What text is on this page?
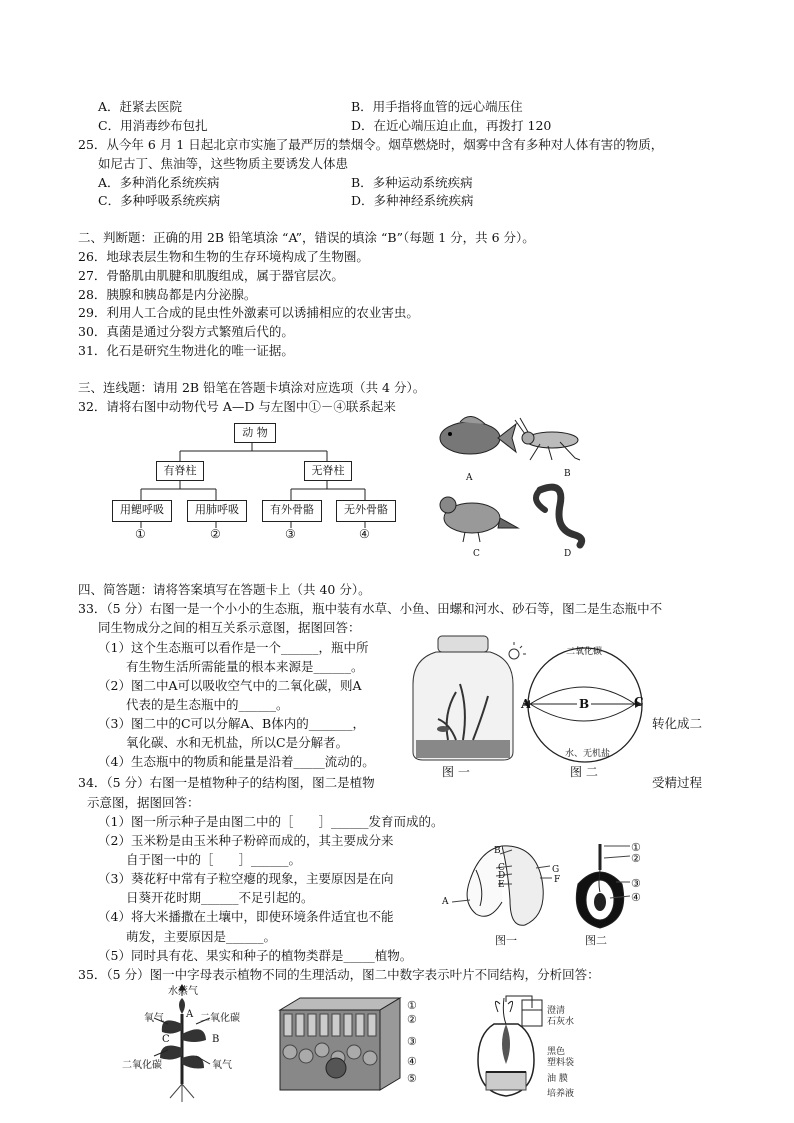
A．赶紧去医院	B．用手指将血管的远心端压住
C．用消毒纱布包扎	D．在近心端压迫止血，再拨打 120
25．从今年 6 月 1 日起北京市实施了最严厉的禁烟令。烟草燃烧时，烟雾中含有多种对人体有害的物质，
如尼古丁、焦油等，这些物质主要诱发人体患
A．多种消化系统疾病	B．多种运动系统疾病
C．多种呼吸系统疾病	D．多种神经系统疾病
二、判断题：正确的用 2B 铅笔填涂 “A”，错误的填涂 “B”（每题 1 分，共 6 分）。
26．地球表层生物和生物的生存环境构成了生物圈。
27．骨骼肌由肌腱和肌腹组成，属于器官层次。
28．胰腺和胰岛都是内分泌腺。
29．利用人工合成的昆虫性外激素可以诱捕相应的农业害虫。
30．真菌是通过分裂方式繁殖后代的。
31．化石是研究生物进化的唯一证据。
三、连线题：请用 2B 铅笔在答题卡填涂对应选项（共 4 分）。
32．请将右图中动物代号 A—D 与左图中①－④联系起来
动 物
有脊柱	无脊柱
用鳃呼吸	用肺呼吸	有外骨骼	无外骨骼
①	②	③	④
A	B
C	D
四、简答题：请将答案填写在答题卡上（共 40 分）。
33．（5 分）右图一是一个小小的生态瓶，瓶中装有水草、小鱼、田螺和河水、砂石等，图二是生态瓶中不
同生物成分之间的相互关系示意图，据图回答：
（1）这个生态瓶可以看作是一个______，瓶中所
有生物生活所需能量的根本来源是______。
（2）图二中A可以吸收空气中的二氧化碳，则A
代表的是生态瓶中的______。
（3）图二中的C可以分解A、B体内的_______，	转化成二
氧化碳、水和无机盐，所以C是分解者。
（4）生态瓶中的物质和能量是沿着_____流动的。
图 一
二氧化碳
水、无机盐
A	B	C
图 二
34．（5 分）右图一是植物种子的结构图，图二是植物	受精过程
示意图，据图回答：
（1）图一所示种子是由图二中的［　　］______发育而成的。
（2）玉米粉是由玉米种子粉碎而成的，其主要成分来
自于图一中的［　　］______。
（3）葵花籽中常有子粒空瘪的现象，主要原因是在向
日葵开花时期______不足引起的。
（4）将大米播撒在土壤中，即使环境条件适宜也不能
萌发，主要原因是______。
（5）同时具有花、果实和种子的植物类群是_____植物。
B
C
D
E
A
F
G
图一
①
②
③
④
图二
35．（5 分）图一中字母表示植物不同的生理活动，图二中数字表示叶片不同结构，分析回答：
水蒸气
氧气	二氧化碳
A
B
C
二氧化碳	氧气
①
②
③
④
⑤
澄清
石灰水
黑色
塑料袋
油 膜
培养液
